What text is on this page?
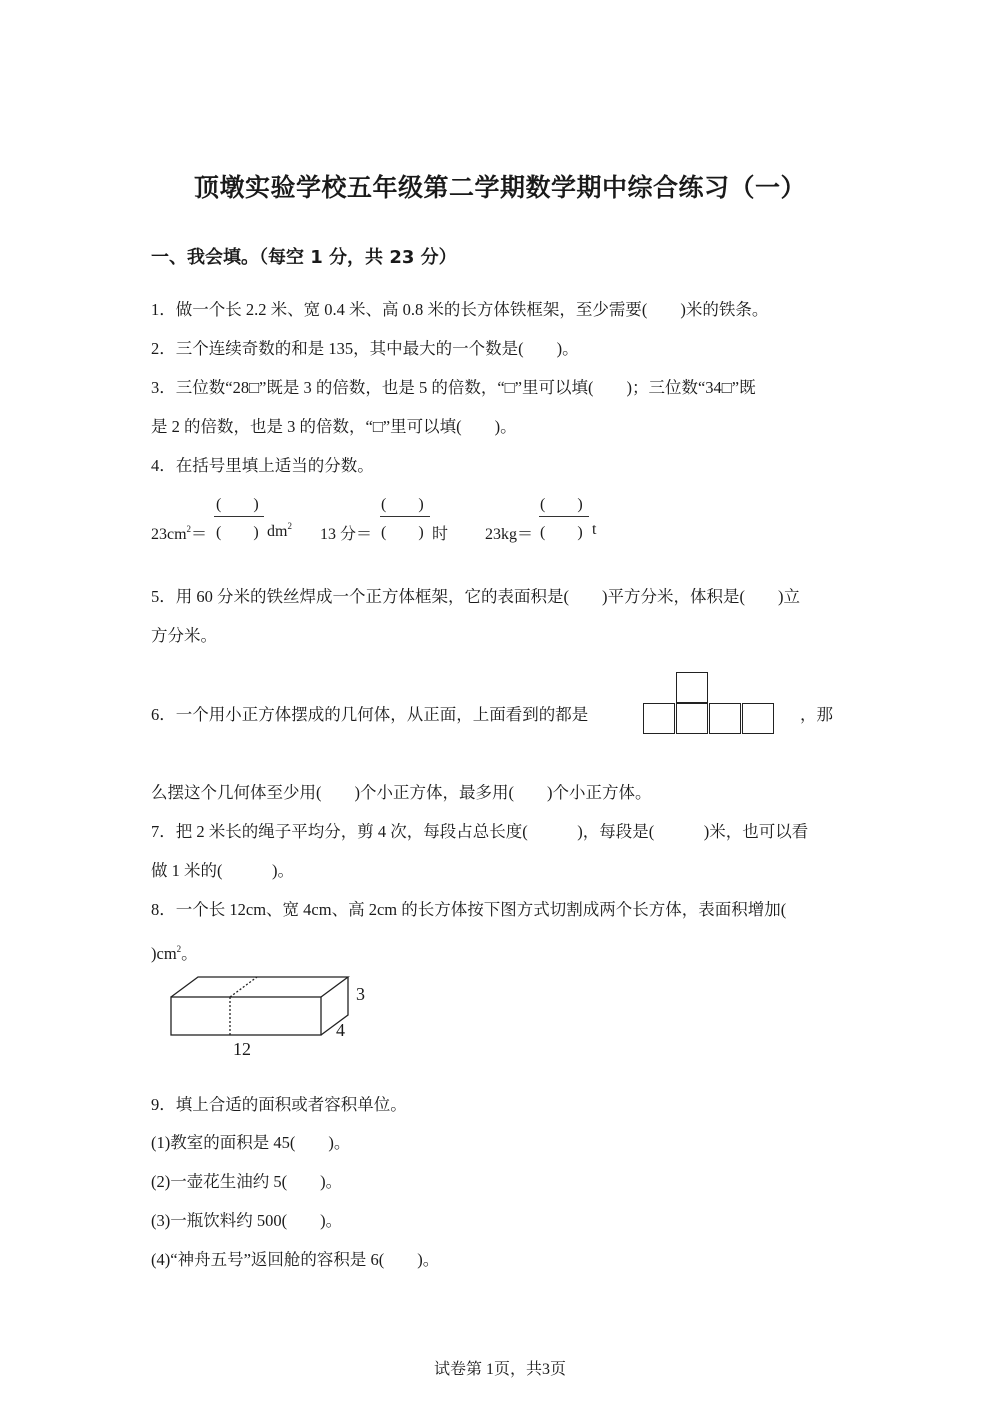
顶墩实验学校五年级第二学期数学期中综合练习（一）
一、我会填。（每空 1 分，共 23 分）
1．做一个长 2.2 米、宽 0.4 米、高 0.8 米的长方体铁框架，至少需要(　　)米的铁条。
2．三个连续奇数的和是 135，其中最大的一个数是(　　)。
3．三位数“28□”既是 3 的倍数，也是 5 的倍数，“□”里可以填(　　)；三位数“34□”既
是 2 的倍数，也是 3 的倍数，“□”里可以填(　　)。
4．在括号里填上适当的分数。
$23cm^2=$
(　　)
(　　) $dm^2$ 13 分＝
(　　)
(　　) 时 23kg＝
(　　)
(　　) t
5．用 60 分米的铁丝焊成一个正方体框架，它的表面积是(　　)平方分米，体积是(　　)立
方分米。
6．一个用小正方体摆成的几何体，从正面，上面看到的都是	，那
么摆这个几何体至少用(　　)个小正方体，最多用(　　)个小正方体。
7．把 2 米长的绳子平均分，剪 4 次，每段占总长度(　　　)，每段是(　　　)米，也可以看
做 1 米的(　　　)。
8．一个长 12cm、宽 4cm、高 2cm 的长方体按下图方式切割成两个长方体，表面积增加(
)$cm^2$。
3
4
12
9．填上合适的面积或者容积单位。
(1)教室的面积是 45(　　)。
(2)一壶花生油约 5(　　)。
(3)一瓶饮料约 500(　　)。
(4)“神舟五号”返回舱的容积是 6(　　)。
试卷第 1页，共3页
